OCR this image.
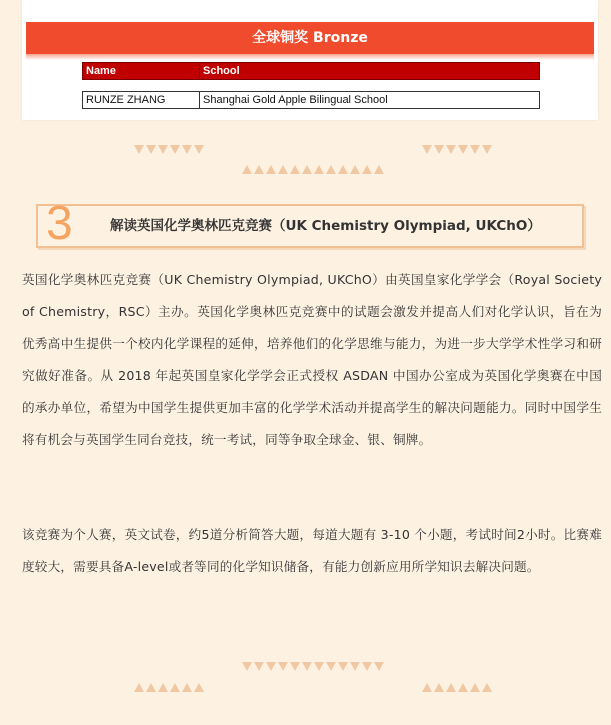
全球铜奖 Bronze
Name	School

RUNZE ZHANG	Shanghai Gold Apple Bilingual School
3	解读英国化学奥林匹克竞赛（UK Chemistry Olympiad, UKChO）

英国化学奥林匹克竞赛（UK Chemistry Olympiad, UKChO）由英国皇家化学学会（Royal Society of Chemistry，RSC）主办。英国化学奥林匹克竞赛中的试题会激发并提高人们对化学认识，旨在为优秀高中生提供一个校内化学课程的延伸，培养他们的化学思维与能力，为进一步大学学术性学习和研究做好准备。从 2018 年起英国皇家化学学会正式授权 ASDAN 中国办公室成为英国化学奥赛在中国的承办单位，希望为中国学生提供更加丰富的化学学术活动并提高学生的解决问题能力。同时中国学生将有机会与英国学生同台竞技，统一考试，同等争取全球金、银、铜牌。

该竞赛为个人赛，英文试卷，约5道分析简答大题，每道大题有 3-10 个小题，考试时间2小时。比赛难度较大，需要具备A-level或者等同的化学知识储备，有能力创新应用所学知识去解决问题。
